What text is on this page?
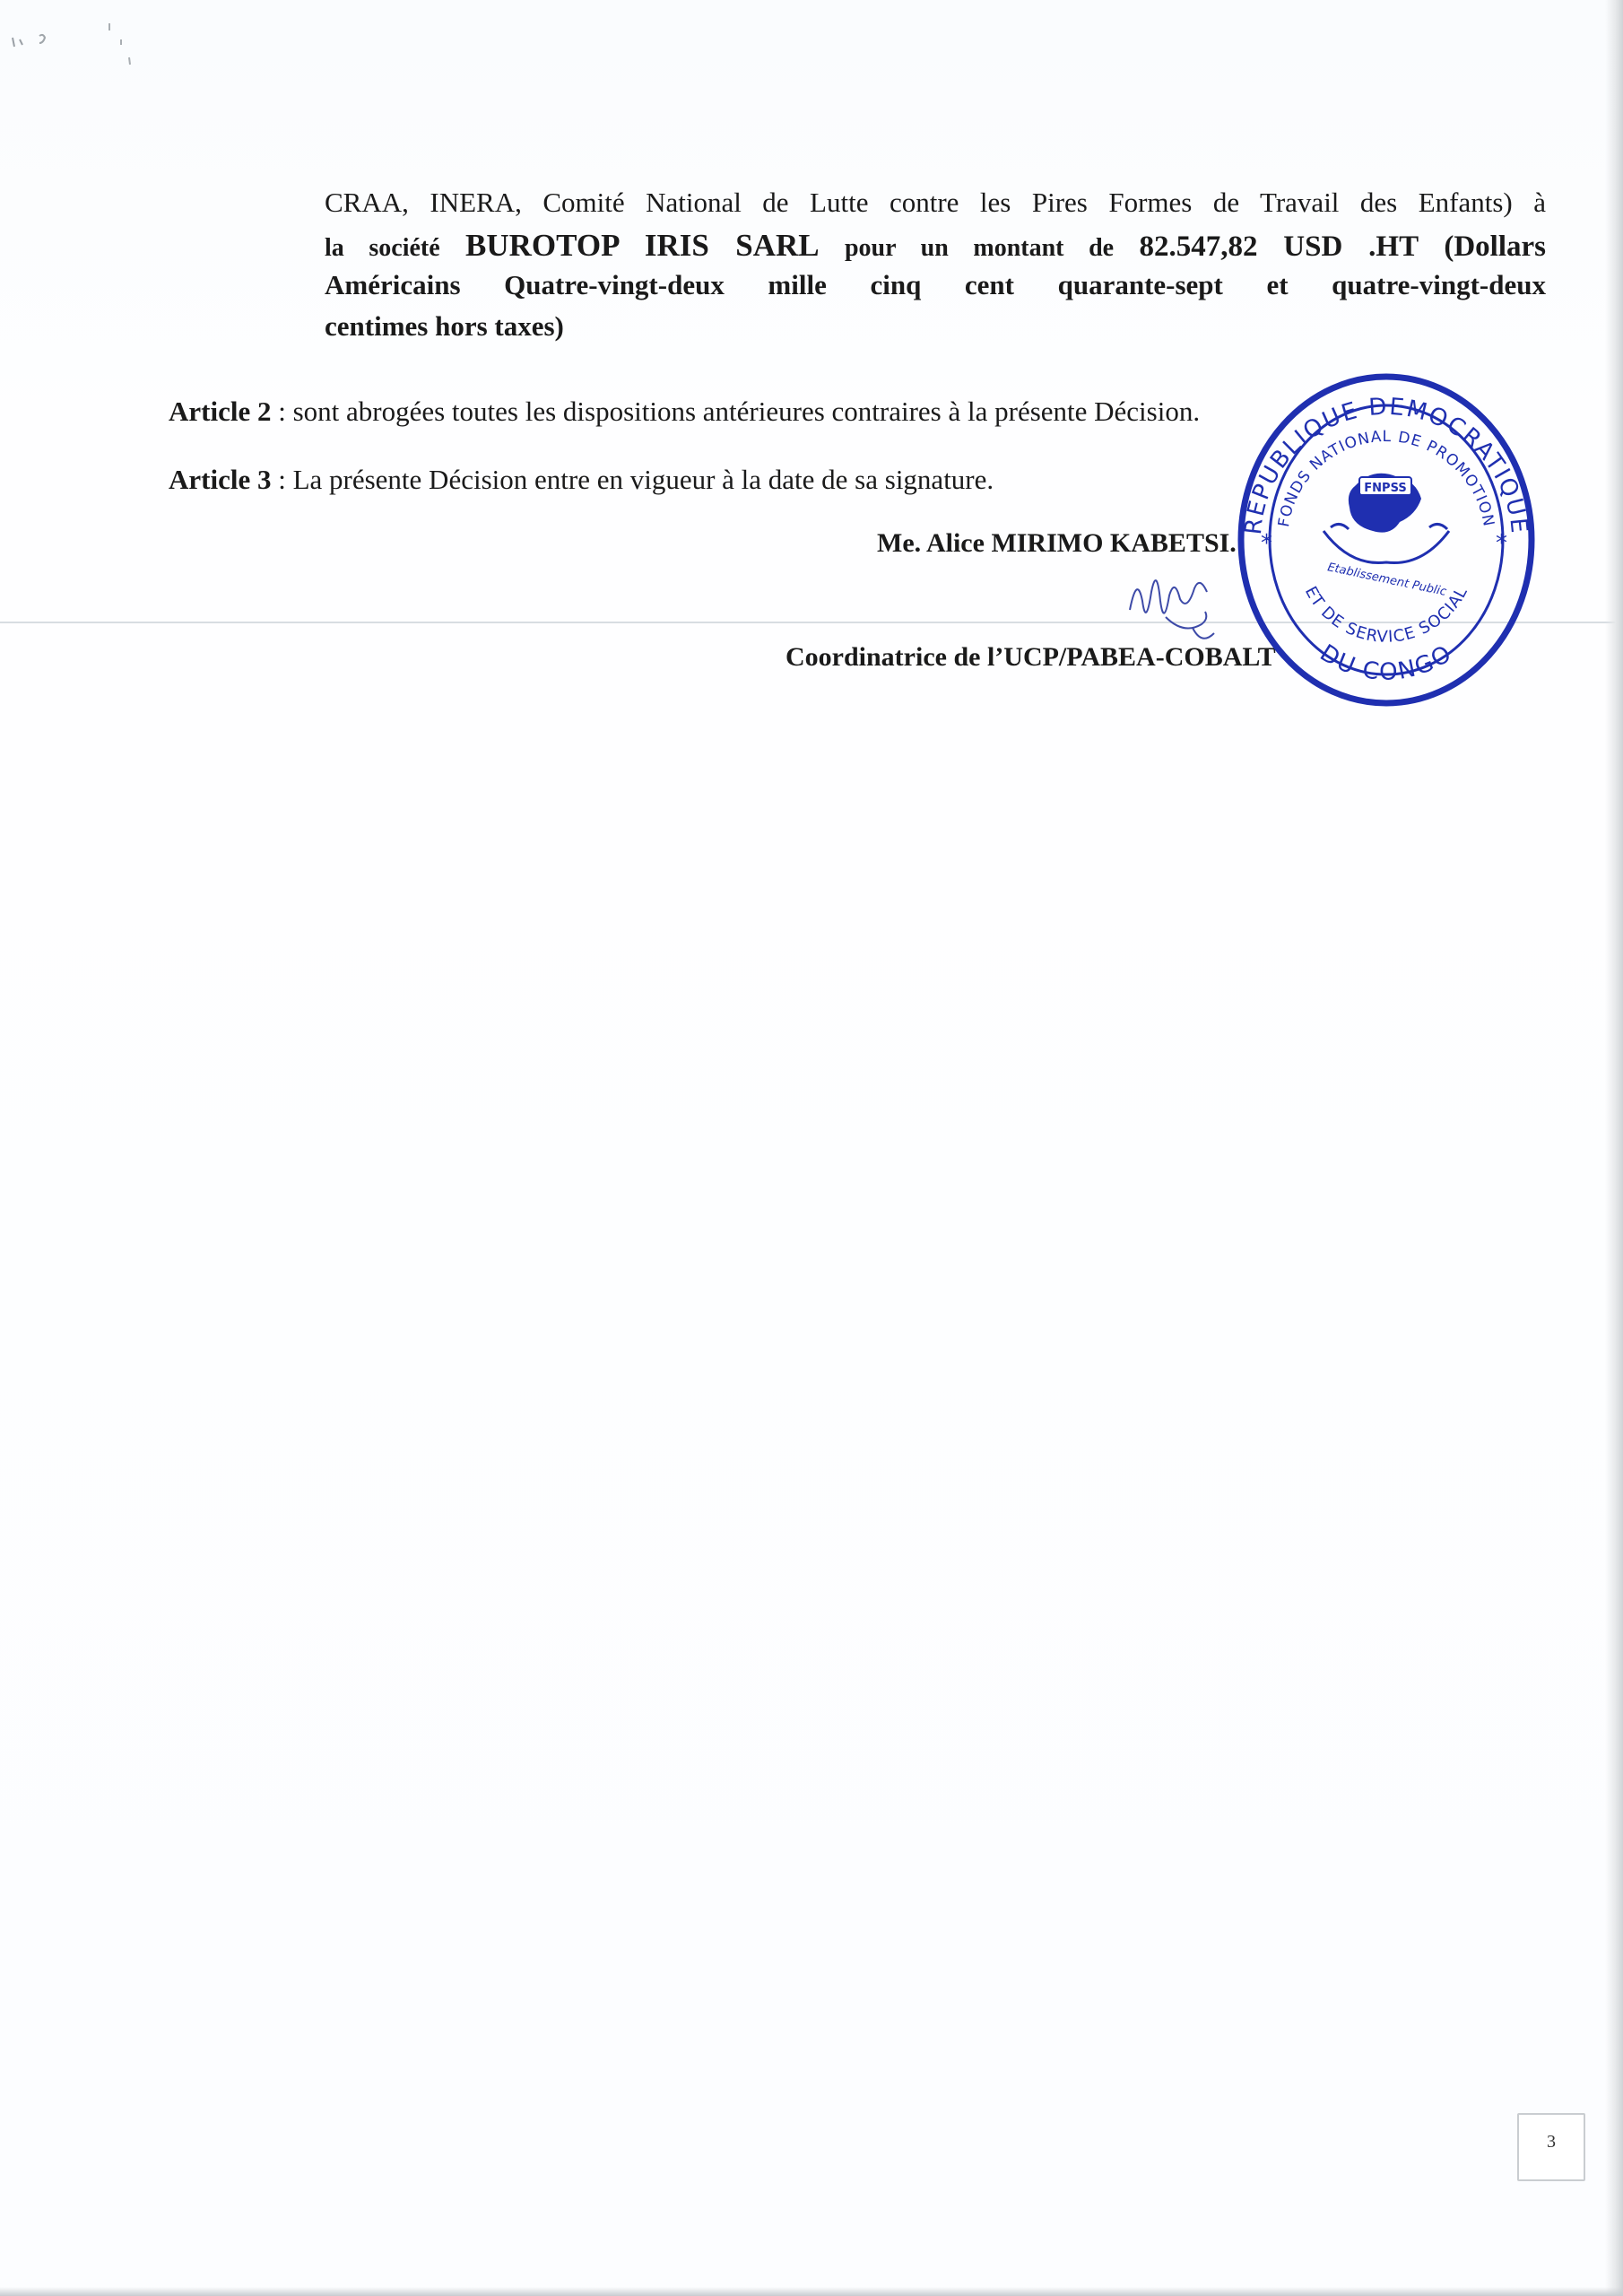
CRAA, INERA, Comité National de Lutte contre les Pires Formes de Travail des Enfants) à
la société BUROTOP IRIS SARL pour un montant de 82.547,82 USD .HT (Dollars
Américains Quatre-vingt-deux mille cinq cent quarante-sept et quatre-vingt-deux
centimes hors taxes)
Article 2 : sont abrogées toutes les dispositions antérieures contraires à la présente Décision.
Article 3 : La présente Décision entre en vigueur à la date de sa signature.
Me. Alice MIRIMO KABETSI.
Coordinatrice de l’UCP/PABEA-COBALT
REPUBLIQUE DEMOCRATIQUE
DU CONGO
FONDS NATIONAL DE PROMOTION
ET DE SERVICE SOCIAL
*	*
FNPSS
Etablissement Public
3
